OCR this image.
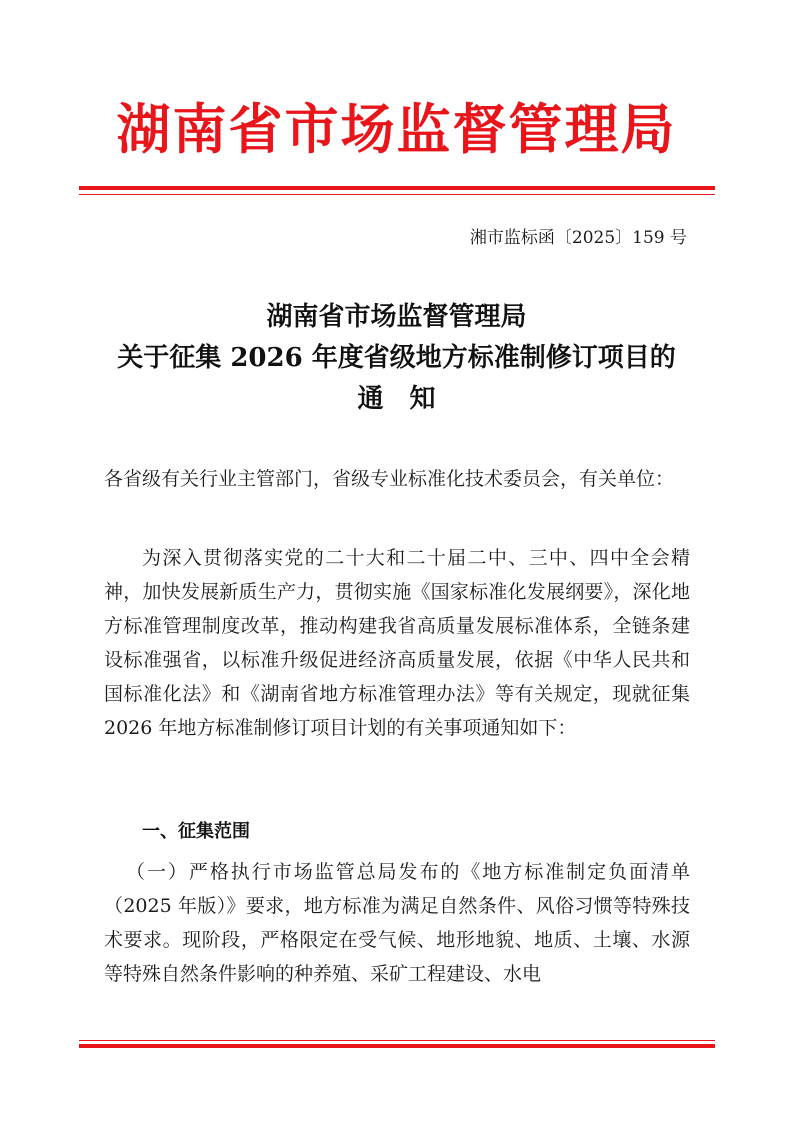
湖南省市场监督管理局
湘市监标函〔2025〕159 号
湖南省市场监督管理局
关于征集 2026 年度省级地方标准制修订项目的
通知
各省级有关行业主管部门，省级专业标准化技术委员会，有关单位：
为深入贯彻落实党的二十大和二十届二中、三中、四中全会精神，加快发展新质生产力，贯彻实施《国家标准化发展纲要》，深化地方标准管理制度改革，推动构建我省高质量发展标准体系，全链条建设标准强省，以标准升级促进经济高质量发展，依据《中华人民共和国标准化法》和《湖南省地方标准管理办法》等有关规定，现就征集 2026 年地方标准制修订项目计划的有关事项通知如下：
一、征集范围
（一）严格执行市场监管总局发布的《地方标准制定负面清单（2025 年版）》要求，地方标准为满足自然条件、风俗习惯等特殊技术要求。现阶段，严格限定在受气候、地形地貌、地质、土壤、水源等特殊自然条件影响的种养殖、采矿工程建设、水电
